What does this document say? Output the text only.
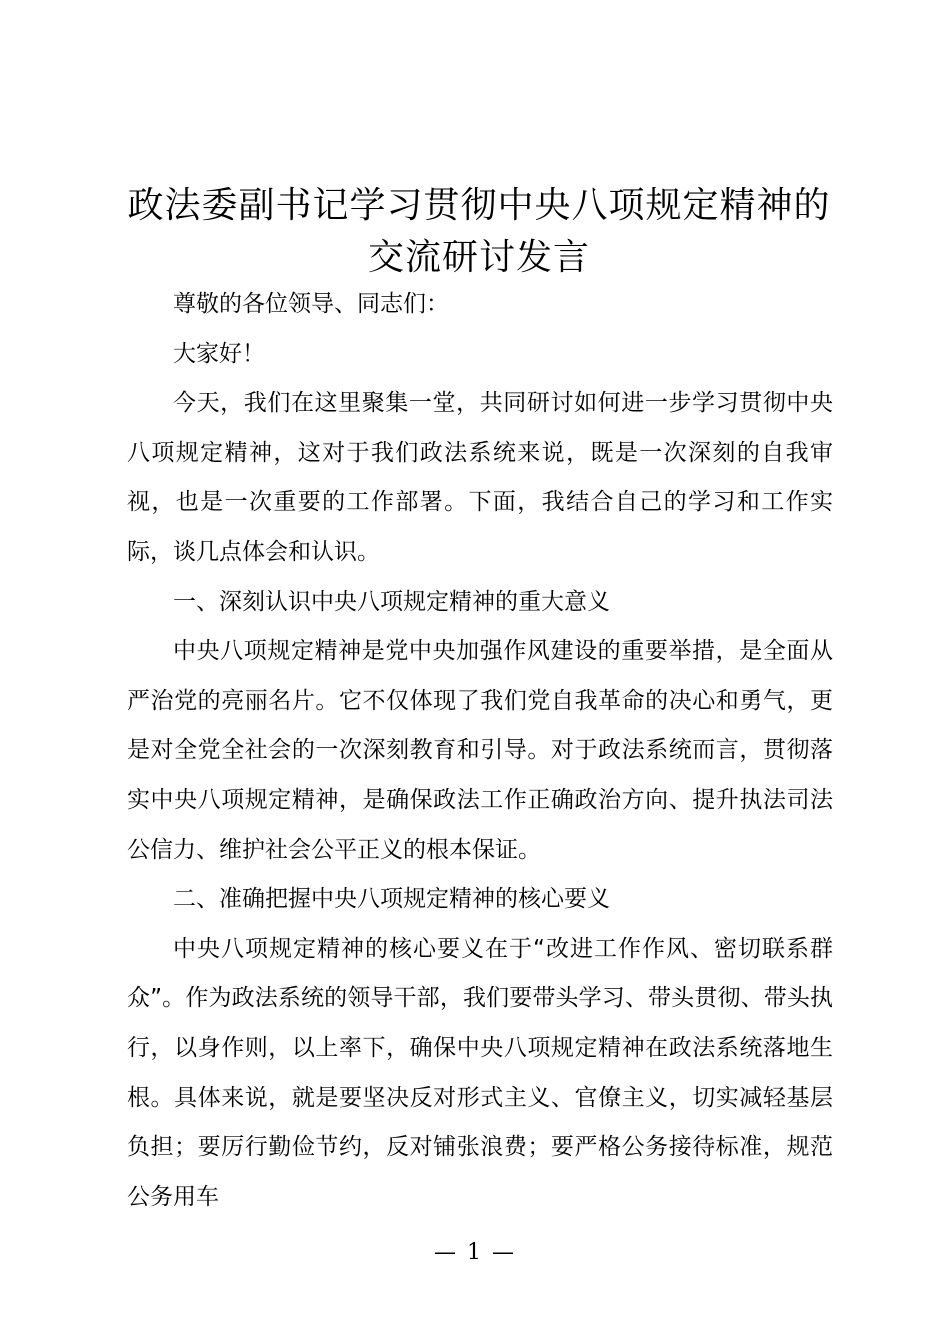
政法委副书记学习贯彻中央八项规定精神的交流研讨发言

尊敬的各位领导、同志们：

大家好！

今天，我们在这里聚集一堂，共同研讨如何进一步学习贯彻中央八项规定精神，这对于我们政法系统来说，既是一次深刻的自我审视，也是一次重要的工作部署。下面，我结合自己的学习和工作实际，谈几点体会和认识。

一、深刻认识中央八项规定精神的重大意义

中央八项规定精神是党中央加强作风建设的重要举措，是全面从严治党的亮丽名片。它不仅体现了我们党自我革命的决心和勇气，更是对全党全社会的一次深刻教育和引导。对于政法系统而言，贯彻落实中央八项规定精神，是确保政法工作正确政治方向、提升执法司法公信力、维护社会公平正义的根本保证。

二、准确把握中央八项规定精神的核心要义

中央八项规定精神的核心要义在于“改进工作作风、密切联系群众”。作为政法系统的领导干部，我们要带头学习、带头贯彻、带头执行，以身作则，以上率下，确保中央八项规定精神在政法系统落地生根。具体来说，就是要坚决反对形式主义、官僚主义，切实减轻基层负担；要厉行勤俭节约，反对铺张浪费；要严格公务接待标准，规范公务用车

— 1 —
